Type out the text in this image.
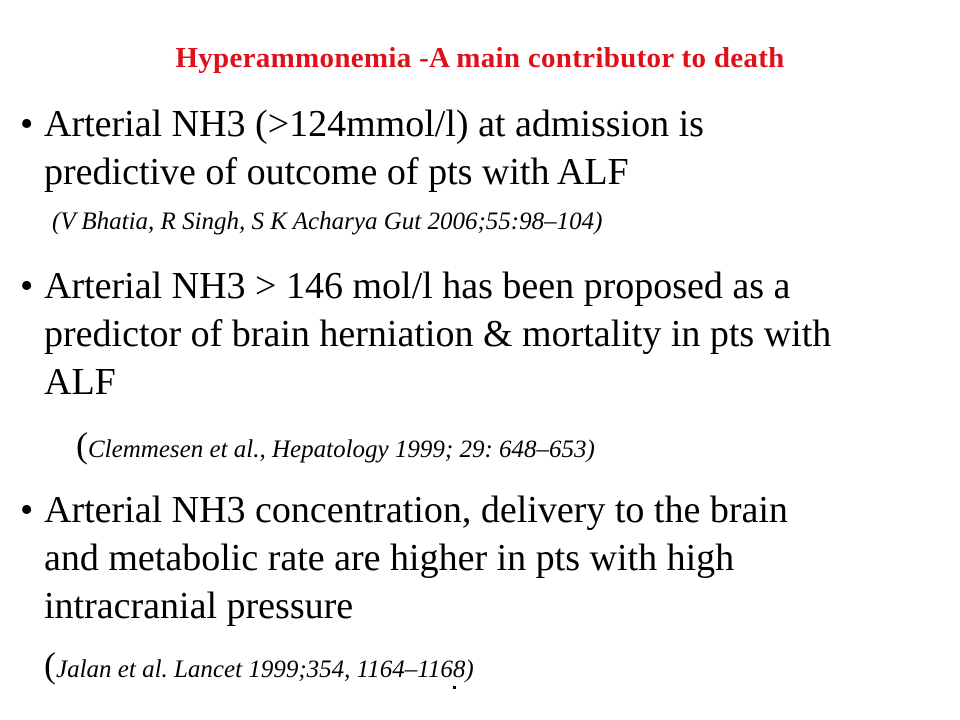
Hyperammonemia -A main contributor to death
• Arterial NH3 (>124mmol/l) at admission is
predictive of outcome of pts with ALF
(V Bhatia, R Singh, S K Acharya Gut 2006;55:98–104)
• Arterial NH3 > 146 mol/l has been proposed as a
predictor of brain herniation & mortality in pts with
ALF
(Clemmesen et al., Hepatology 1999; 29: 648–653)
• Arterial NH3 concentration, delivery to the brain
and metabolic rate are higher in pts with high
intracranial pressure
(Jalan et al. Lancet 1999;354, 1164–1168)
